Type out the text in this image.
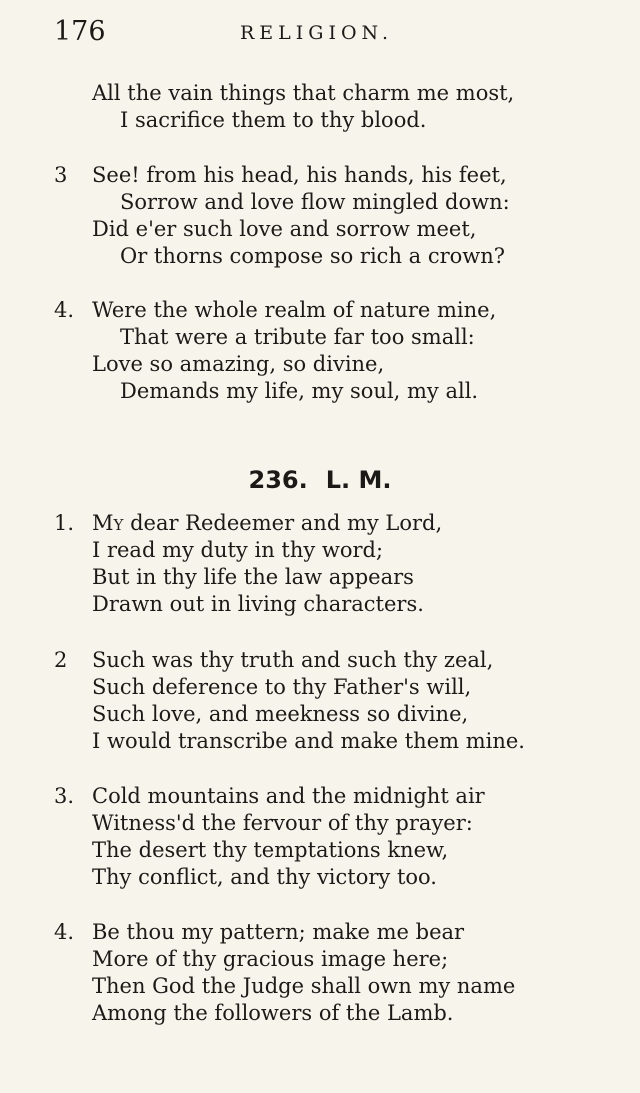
176	RELIGION.
All the vain things that charm me most,
I sacrifice them to thy blood.
3	See! from his head, his hands, his feet,
Sorrow and love flow mingled down:
Did e'er such love and sorrow meet,
Or thorns compose so rich a crown?
4. Were the whole realm of nature mine,
That were a tribute far too small:
Love so amazing, so divine,
Demands my life, my soul, my all.
236. L. M.
1. My dear Redeemer and my Lord,
I read my duty in thy word;
But in thy life the law appears
Drawn out in living characters.
2	Such was thy truth and such thy zeal,
Such deference to thy Father's will,
Such love, and meekness so divine,
I would transcribe and make them mine.
3. Cold mountains and the midnight air
Witness'd the fervour of thy prayer:
The desert thy temptations knew,
Thy conflict, and thy victory too.
4. Be thou my pattern; make me bear
More of thy gracious image here;
Then God the Judge shall own my name
Among the followers of the Lamb.
